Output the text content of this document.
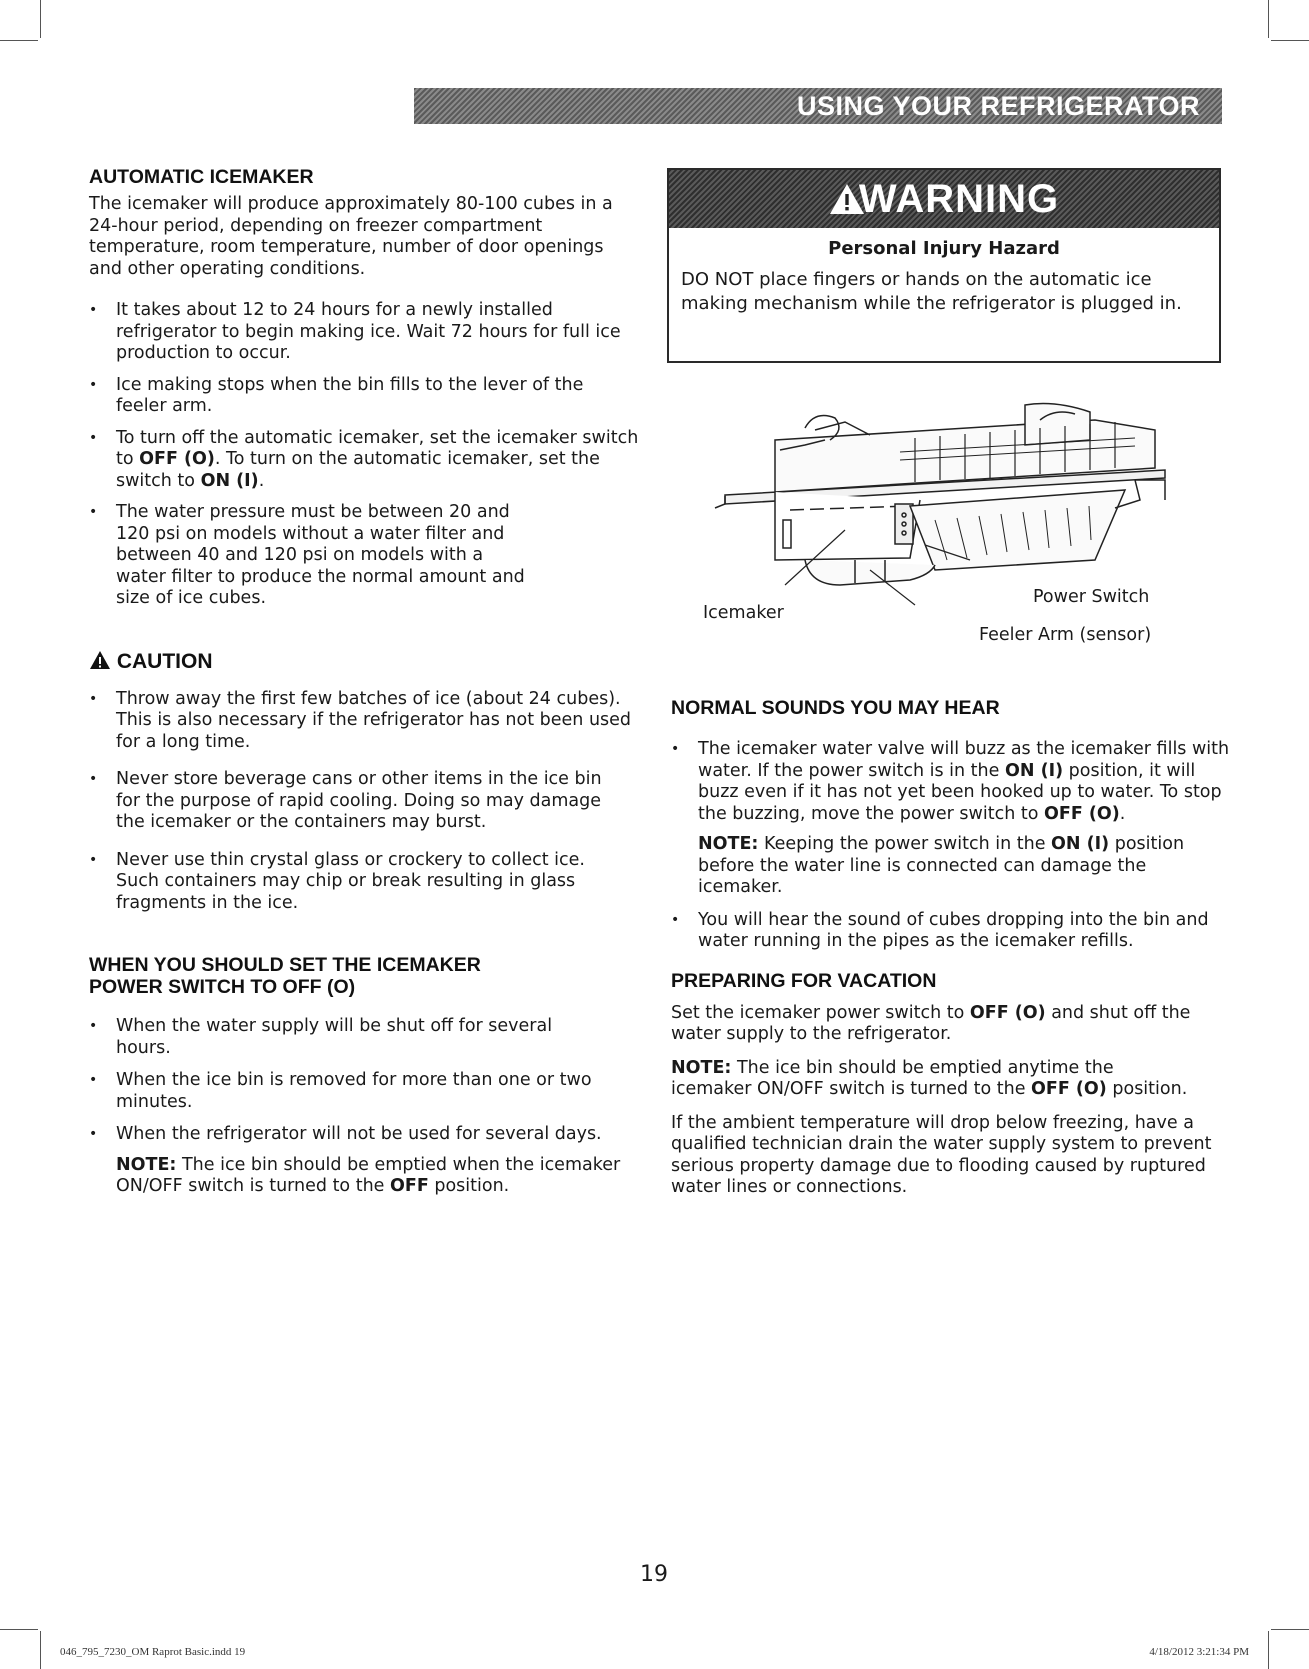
USING YOUR REFRIGERATOR
AUTOMATIC ICEMAKER
The icemaker will produce approximately 80-100 cubes in a 24-hour period, depending on freezer compartment temperature, room temperature, number of door openings and other operating conditions.
• It takes about 12 to 24 hours for a newly installed refrigerator to begin making ice. Wait 72 hours for full ice production to occur.
• Ice making stops when the bin fills to the lever of the feeler arm.
• To turn off the automatic icemaker, set the icemaker switch to OFF (O). To turn on the automatic icemaker, set the switch to ON (I).
• The water pressure must be between 20 and 120 psi on models without a water filter and between 40 and 120 psi on models with a water filter to produce the normal amount and size of ice cubes.
CAUTION
• Throw away the first few batches of ice (about 24 cubes). This is also necessary if the refrigerator has not been used for a long time.
• Never store beverage cans or other items in the ice bin for the purpose of rapid cooling. Doing so may damage the icemaker or the containers may burst.
• Never use thin crystal glass or crockery to collect ice. Such containers may chip or break resulting in glass fragments in the ice.
WHEN YOU SHOULD SET THE ICEMAKER
POWER SWITCH TO OFF (O)
• When the water supply will be shut off for several hours.
• When the ice bin is removed for more than one or two minutes.
• When the refrigerator will not be used for several days.
NOTE: The ice bin should be emptied when the icemaker ON/OFF switch is turned to the OFF position.
WARNING
Personal Injury Hazard
DO NOT place fingers or hands on the automatic ice making mechanism while the refrigerator is plugged in.
Icemaker
Power Switch
Feeler Arm (sensor)
NORMAL SOUNDS YOU MAY HEAR
• The icemaker water valve will buzz as the icemaker fills with water. If the power switch is in the ON (I) position, it will buzz even if it has not yet been hooked up to water. To stop the buzzing, move the power switch to OFF (O).
NOTE: Keeping the power switch in the ON (I) position before the water line is connected can damage the icemaker.
• You will hear the sound of cubes dropping into the bin and water running in the pipes as the icemaker refills.
PREPARING FOR VACATION
Set the icemaker power switch to OFF (O) and shut off the water supply to the refrigerator.
NOTE: The ice bin should be emptied anytime the icemaker ON/OFF switch is turned to the OFF (O) position.
If the ambient temperature will drop below freezing, have a qualified technician drain the water supply system to prevent serious property damage due to flooding caused by ruptured water lines or connections.
19
046_795_7230_OM Raprot Basic.indd 19	4/18/2012 3:21:34 PM
